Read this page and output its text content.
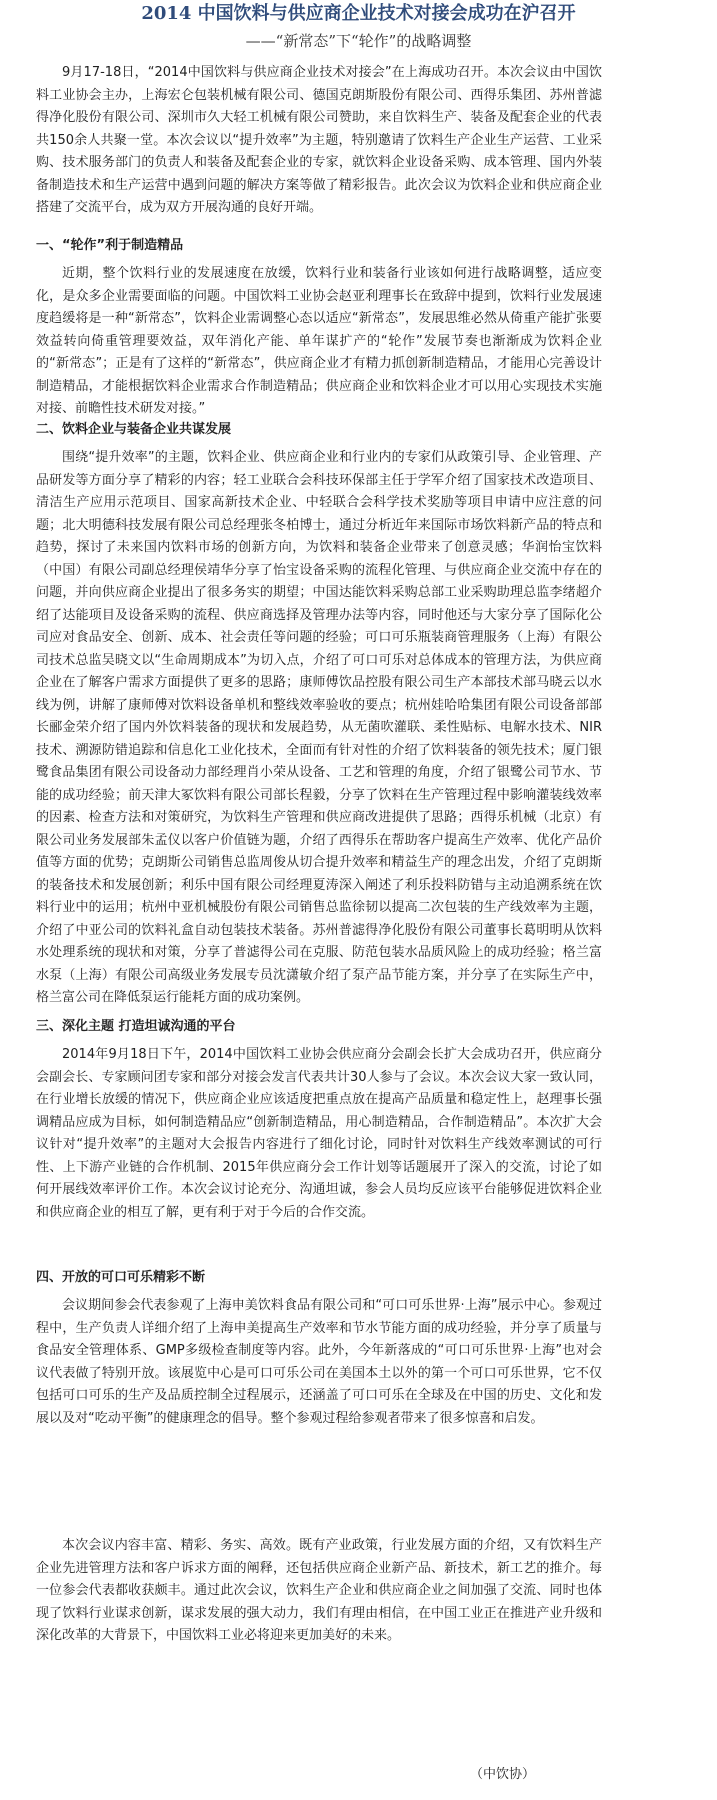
2014 中国饮料与供应商企业技术对接会成功在沪召开
——“新常态”下“轮作”的战略调整

9月17-18日，“2014中国饮料与供应商企业技术对接会”在上海成功召开。本次会议由中国饮料工业协会主办，上海宏仑包装机械有限公司、德国克朗斯股份有限公司、西得乐集团、苏州普滤得净化股份有限公司、深圳市久大轻工机械有限公司赞助，来自饮料生产、装备及配套企业的代表共150余人共聚一堂。本次会议以“提升效率”为主题，特别邀请了饮料生产企业生产运营、工业采购、技术服务部门的负责人和装备及配套企业的专家，就饮料企业设备采购、成本管理、国内外装备制造技术和生产运营中遇到问题的解决方案等做了精彩报告。此次会议为饮料企业和供应商企业搭建了交流平台，成为双方开展沟通的良好开端。

一、“轮作”利于制造精品

近期，整个饮料行业的发展速度在放缓，饮料行业和装备行业该如何进行战略调整，适应变化，是众多企业需要面临的问题。中国饮料工业协会赵亚利理事长在致辞中提到，饮料行业发展速度趋缓将是一种“新常态”，饮料企业需调整心态以适应“新常态”，发展思维必然从倚重产能扩张要效益转向倚重管理要效益，双年消化产能、单年谋扩产的“轮作”发展节奏也渐渐成为饮料企业的“新常态”；正是有了这样的“新常态”，供应商企业才有精力抓创新制造精品，才能用心完善设计制造精品，才能根据饮料企业需求合作制造精品；供应商企业和饮料企业才可以用心实现技术实施对接、前瞻性技术研发对接。”

二、饮料企业与装备企业共谋发展

围绕“提升效率”的主题，饮料企业、供应商企业和行业内的专家们从政策引导、企业管理、产品研发等方面分享了精彩的内容；轻工业联合会科技环保部主任于学军介绍了国家技术改造项目、清洁生产应用示范项目、国家高新技术企业、中轻联合会科学技术奖励等项目申请中应注意的问题；北大明德科技发展有限公司总经理张冬柏博士，通过分析近年来国际市场饮料新产品的特点和趋势，探讨了未来国内饮料市场的创新方向，为饮料和装备企业带来了创意灵感；华润怡宝饮料（中国）有限公司副总经理侯靖华分享了怡宝设备采购的流程化管理、与供应商企业交流中存在的问题，并向供应商企业提出了很多务实的期望；中国达能饮料采购总部工业采购助理总监李绪超介绍了达能项目及设备采购的流程、供应商选择及管理办法等内容，同时他还与大家分享了国际化公司应对食品安全、创新、成本、社会责任等问题的经验；可口可乐瓶装商管理服务（上海）有限公司技术总监吴晓文以“生命周期成本”为切入点，介绍了可口可乐对总体成本的管理方法，为供应商企业在了解客户需求方面提供了更多的思路；康师傅饮品控股有限公司生产本部技术部马晓云以水线为例，讲解了康师傅对饮料设备单机和整线效率验收的要点；杭州娃哈哈集团有限公司设备部部长郦金荣介绍了国内外饮料装备的现状和发展趋势，从无菌吹灌联、柔性贴标、电解水技术、NIR技术、溯源防错追踪和信息化工业化技术，全面而有针对性的介绍了饮料装备的领先技术；厦门银鹭食品集团有限公司设备动力部经理肖小荣从设备、工艺和管理的角度，介绍了银鹭公司节水、节能的成功经验；前天津大冢饮料有限公司部长程毅，分享了饮料在生产管理过程中影响灌装线效率的因素、检查方法和对策研究，为饮料生产管理和供应商改进提供了思路；西得乐机械（北京）有限公司业务发展部朱孟仪以客户价值链为题，介绍了西得乐在帮助客户提高生产效率、优化产品价值等方面的优势；克朗斯公司销售总监周俊从切合提升效率和精益生产的理念出发，介绍了克朗斯的装备技术和发展创新；利乐中国有限公司经理夏涛深入阐述了利乐投料防错与主动追溯系统在饮料行业中的运用；杭州中亚机械股份有限公司销售总监徐韧以提高二次包装的生产线效率为主题，介绍了中亚公司的饮料礼盒自动包装技术装备。苏州普滤得净化股份有限公司董事长葛明明从饮料水处理系统的现状和对策，分享了普滤得公司在克服、防范包装水品质风险上的成功经验；格兰富水泵（上海）有限公司高级业务发展专员沈潇敏介绍了泵产品节能方案，并分享了在实际生产中，格兰富公司在降低泵运行能耗方面的成功案例。

三、深化主题 打造坦诚沟通的平台

2014年9月18日下午，2014中国饮料工业协会供应商分会副会长扩大会成功召开，供应商分会副会长、专家顾问团专家和部分对接会发言代表共计30人参与了会议。本次会议大家一致认同，在行业增长放缓的情况下，供应商企业应该适度把重点放在提高产品质量和稳定性上，赵理事长强调精品应成为目标，如何制造精品应“创新制造精品，用心制造精品，合作制造精品”。本次扩大会议针对“提升效率”的主题对大会报告内容进行了细化讨论，同时针对饮料生产线效率测试的可行性、上下游产业链的合作机制、2015年供应商分会工作计划等话题展开了深入的交流，讨论了如何开展线效率评价工作。本次会议讨论充分、沟通坦诚，参会人员均反应该平台能够促进饮料企业和供应商企业的相互了解，更有利于对于今后的合作交流。

四、开放的可口可乐精彩不断

会议期间参会代表参观了上海申美饮料食品有限公司和“可口可乐世界·上海”展示中心。参观过程中，生产负责人详细介绍了上海申美提高生产效率和节水节能方面的成功经验，并分享了质量与食品安全管理体系、GMP多级检查制度等内容。此外，今年新落成的“可口可乐世界·上海”也对会议代表做了特别开放。该展览中心是可口可乐公司在美国本土以外的第一个可口可乐世界，它不仅包括可口可乐的生产及品质控制全过程展示，还涵盖了可口可乐在全球及在中国的历史、文化和发展以及对“吃动平衡”的健康理念的倡导。整个参观过程给参观者带来了很多惊喜和启发。

本次会议内容丰富、精彩、务实、高效。既有产业政策，行业发展方面的介绍，又有饮料生产企业先进管理方法和客户诉求方面的阐释，还包括供应商企业新产品、新技术，新工艺的推介。每一位参会代表都收获颇丰。通过此次会议，饮料生产企业和供应商企业之间加强了交流、同时也体现了饮料行业谋求创新，谋求发展的强大动力，我们有理由相信，在中国工业正在推进产业升级和深化改革的大背景下，中国饮料工业必将迎来更加美好的未来。

（中饮协）
